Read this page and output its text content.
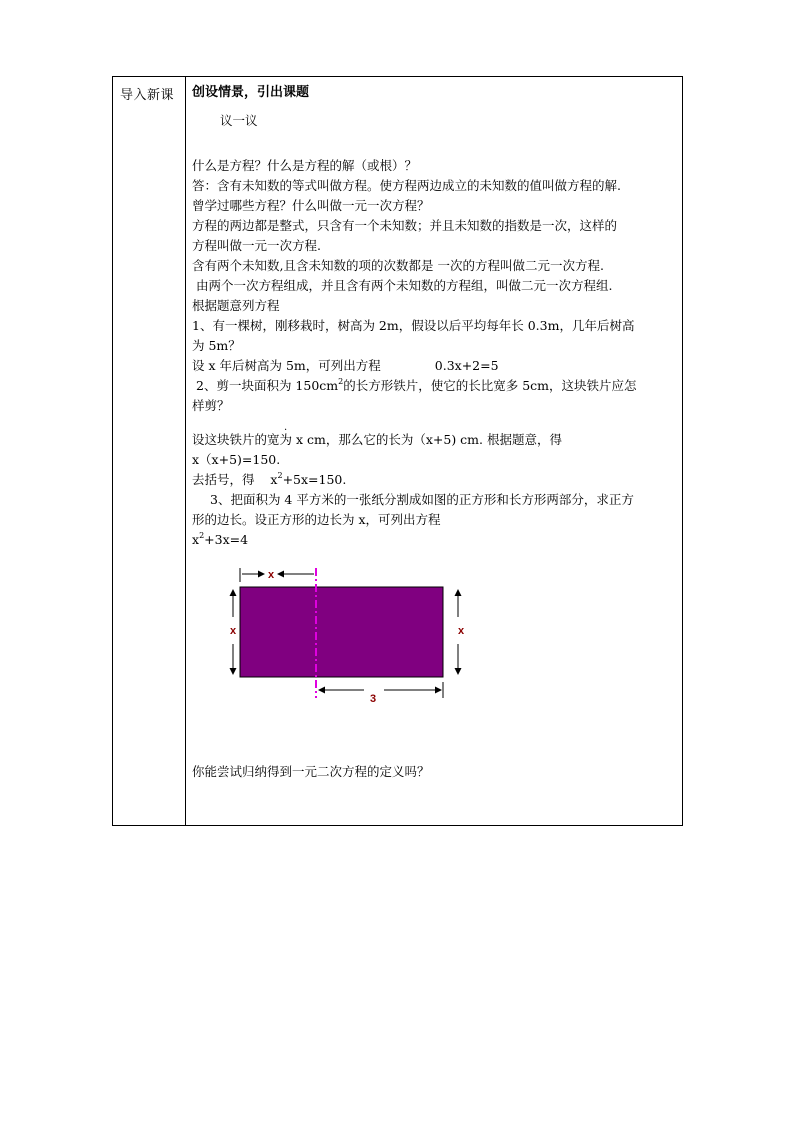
导入新课	创设情景，引出课题

议一议

什么是方程？什么是方程的解（或根）？

答：含有未知数的等式叫做方程。使方程两边成立的未知数的值叫做方程的解.

曾学过哪些方程？什么叫做一元一次方程？

方程的两边都是整式，只含有一个未知数；并且未知数的指数是一次，这样的

方程叫做一元一次方程.

含有两个未知数,且含未知数的项的次数都是 一次的方程叫做二元一次方程.

由两个一次方程组成，并且含有两个未知数的方程组，叫做二元一次方程组.

根据题意列方程

1、有一棵树，刚移栽时，树高为 2m，假设以后平均每年长 0.3m，几年后树高

为 5m？

设 x 年后树高为 5m，可列出方程	0.3x+2=5

2、剪一块面积为 $150cm^2$的长方形铁片，使它的长比宽多 5cm，这块铁片应怎

样剪？

.

设这块铁片的宽为 x cm，那么它的长为（x+5) cm. 根据题意，得

x（x+5)=150.

去括号，得 $x^2+5x=150$.

3、把面积为 4 平方米的一张纸分割成如图的正方形和长方形两部分，求正方

形的边长。设正方形的边长为 x，可列出方程

$x^2+3x=4$

x
x	x
3

你能尝试归纳得到一元二次方程的定义吗？
